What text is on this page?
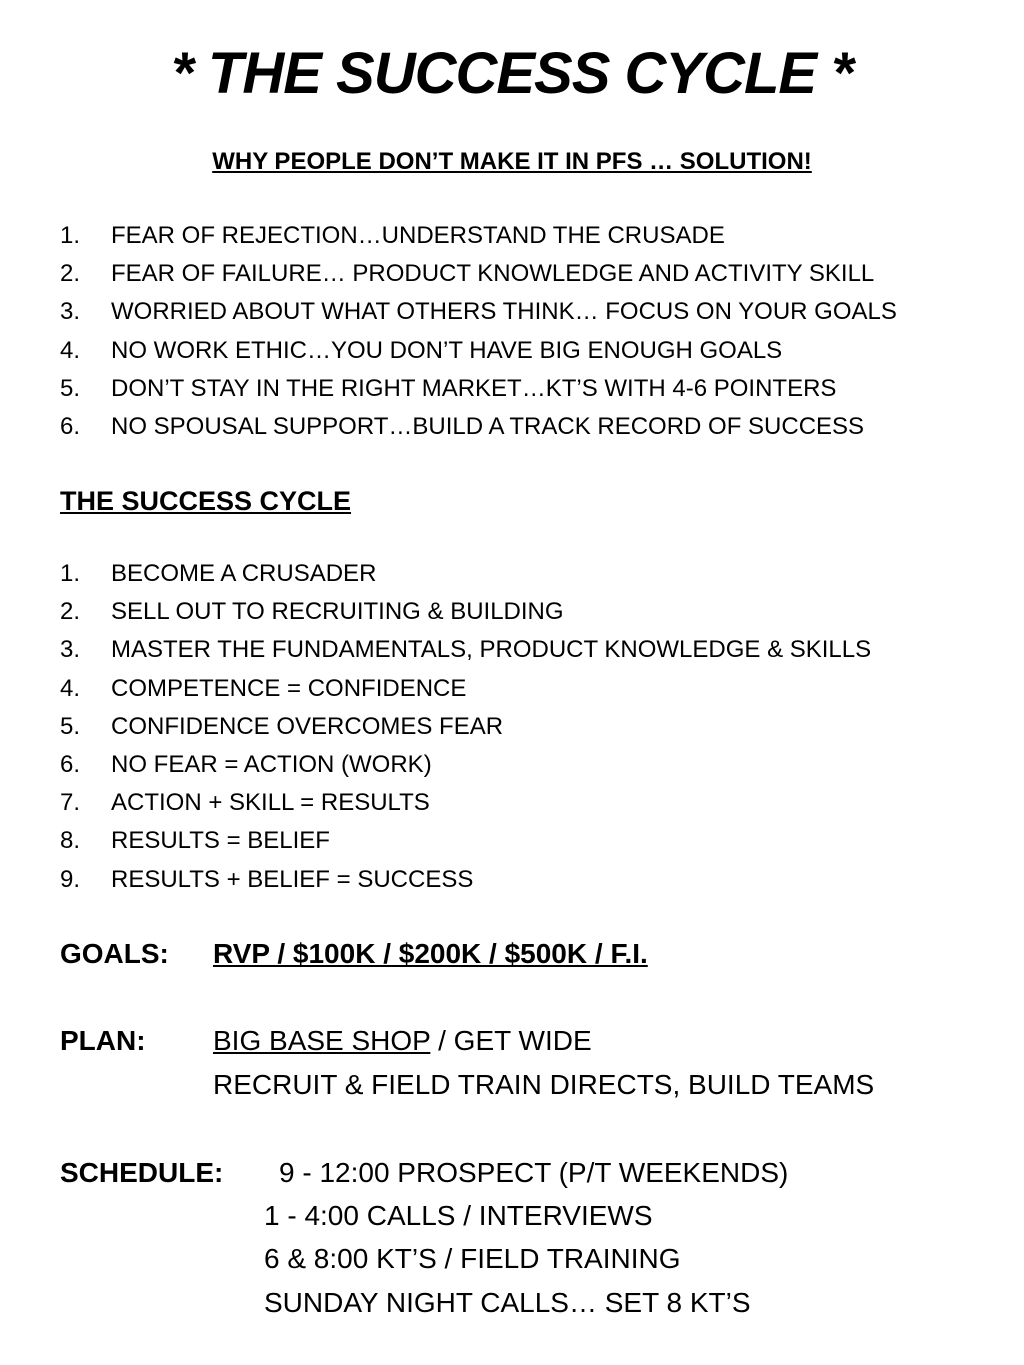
* THE SUCCESS CYCLE *
WHY PEOPLE DON’T MAKE IT IN PFS … SOLUTION!
1. FEAR OF REJECTION…UNDERSTAND THE CRUSADE
2. FEAR OF FAILURE… PRODUCT KNOWLEDGE AND ACTIVITY SKILL
3. WORRIED ABOUT WHAT OTHERS THINK… FOCUS ON YOUR GOALS
4. NO WORK ETHIC…YOU DON’T HAVE BIG ENOUGH GOALS
5. DON’T STAY IN THE RIGHT MARKET…KT’S WITH 4-6 POINTERS
6. NO SPOUSAL SUPPORT…BUILD A TRACK RECORD OF SUCCESS
THE SUCCESS CYCLE
1. BECOME A CRUSADER
2. SELL OUT TO RECRUITING & BUILDING
3. MASTER THE FUNDAMENTALS, PRODUCT KNOWLEDGE & SKILLS
4. COMPETENCE = CONFIDENCE
5. CONFIDENCE OVERCOMES FEAR
6. NO FEAR = ACTION (WORK)
7. ACTION + SKILL = RESULTS
8. RESULTS = BELIEF
9. RESULTS + BELIEF = SUCCESS
GOALS: RVP / $100K / $200K / $500K / F.I.
PLAN: BIG BASE SHOP / GET WIDE
RECRUIT & FIELD TRAIN DIRECTS, BUILD TEAMS
SCHEDULE: 9 - 12:00 PROSPECT (P/T WEEKENDS)
1 - 4:00 CALLS / INTERVIEWS
6 & 8:00 KT’S / FIELD TRAINING
SUNDAY NIGHT CALLS… SET 8 KT’S
